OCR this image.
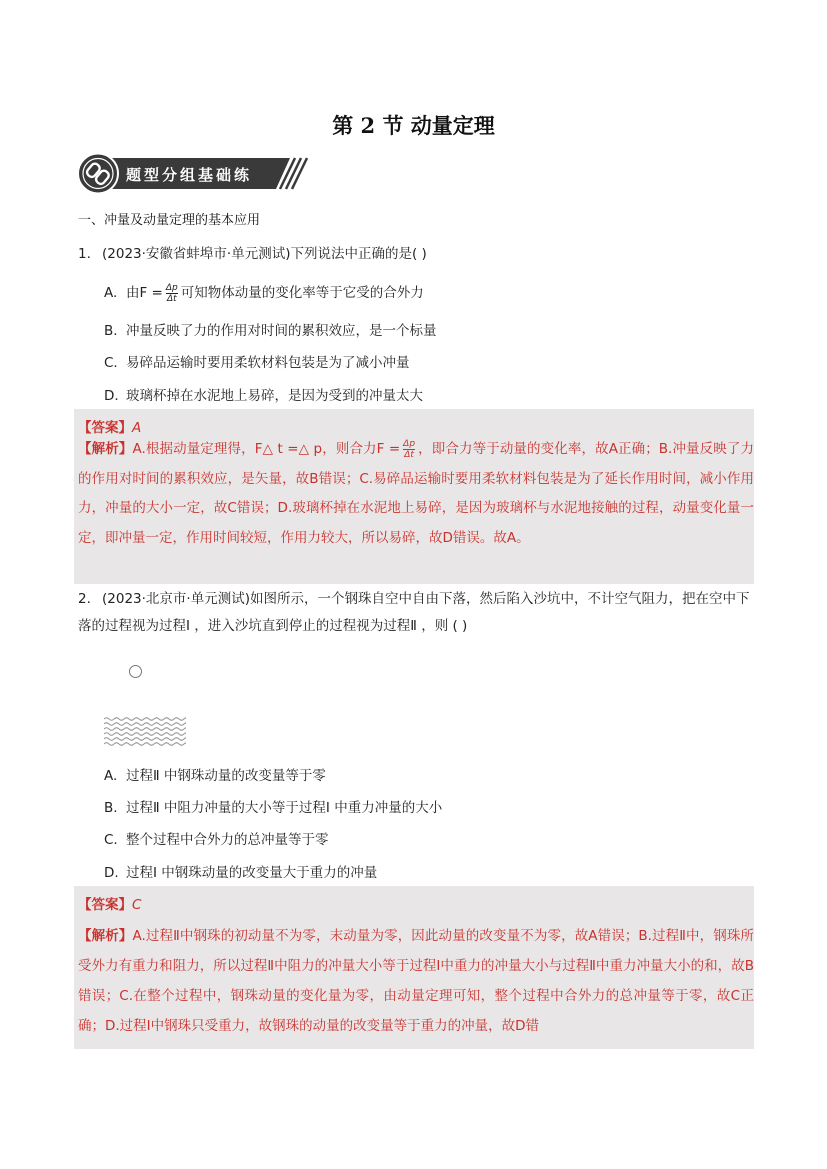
第 2 节 动量定理
题型分组基础练
一、冲量及动量定理的基本应用
1. (2023·安徽省蚌埠市·单元测试)下列说法中正确的是( )
A. 由$F = \frac{\Delta p}{\Delta t}$ 可知物体动量的变化率等于它受的合外力
B. 冲量反映了力的作用对时间的累积效应，是一个标量
C. 易碎品运输时要用柔软材料包装是为了减小冲量
D. 玻璃杯掉在水泥地上易碎，是因为受到的冲量太大
【答案】A
【解析】A.根据动量定理得，F△ t =△ p，则合力$F = \frac{\Delta p}{\Delta t}$ ，即合力等于动量的变化率，故A正确；B.冲量反映了力的作用对时间的累积效应，是矢量，故B错误；C.易碎品运输时要用柔软材料包装是为了延长作用时间，减小作用力，冲量的大小一定，故C错误；D.玻璃杯掉在水泥地上易碎，是因为玻璃杯与水泥地接触的过程，动量变化量一定，即冲量一定，作用时间较短，作用力较大，所以易碎，故D错误。故A。
2. (2023·北京市·单元测试)如图所示，一个钢珠自空中自由下落，然后陷入沙坑中，不计空气阻力，把在空中下落的过程视为过程Ⅰ ，进入沙坑直到停止的过程视为过程Ⅱ ，则 ( )
A. 过程Ⅱ 中钢珠动量的改变量等于零
B. 过程Ⅱ 中阻力冲量的大小等于过程Ⅰ 中重力冲量的大小
C. 整个过程中合外力的总冲量等于零
D. 过程Ⅰ 中钢珠动量的改变量大于重力的冲量
【答案】C
【解析】A.过程Ⅱ中钢珠的初动量不为零，末动量为零，因此动量的改变量不为零，故A错误；B.过程Ⅱ中，钢珠所受外力有重力和阻力，所以过程Ⅱ中阻力的冲量大小等于过程Ⅰ中重力的冲量大小与过程Ⅱ中重力冲量大小的和，故B错误；C.在整个过程中，钢珠动量的变化量为零，由动量定理可知，整个过程中合外力的总冲量等于零，故C正确；D.过程Ⅰ中钢珠只受重力，故钢珠的动量的改变量等于重力的冲量，故D错
